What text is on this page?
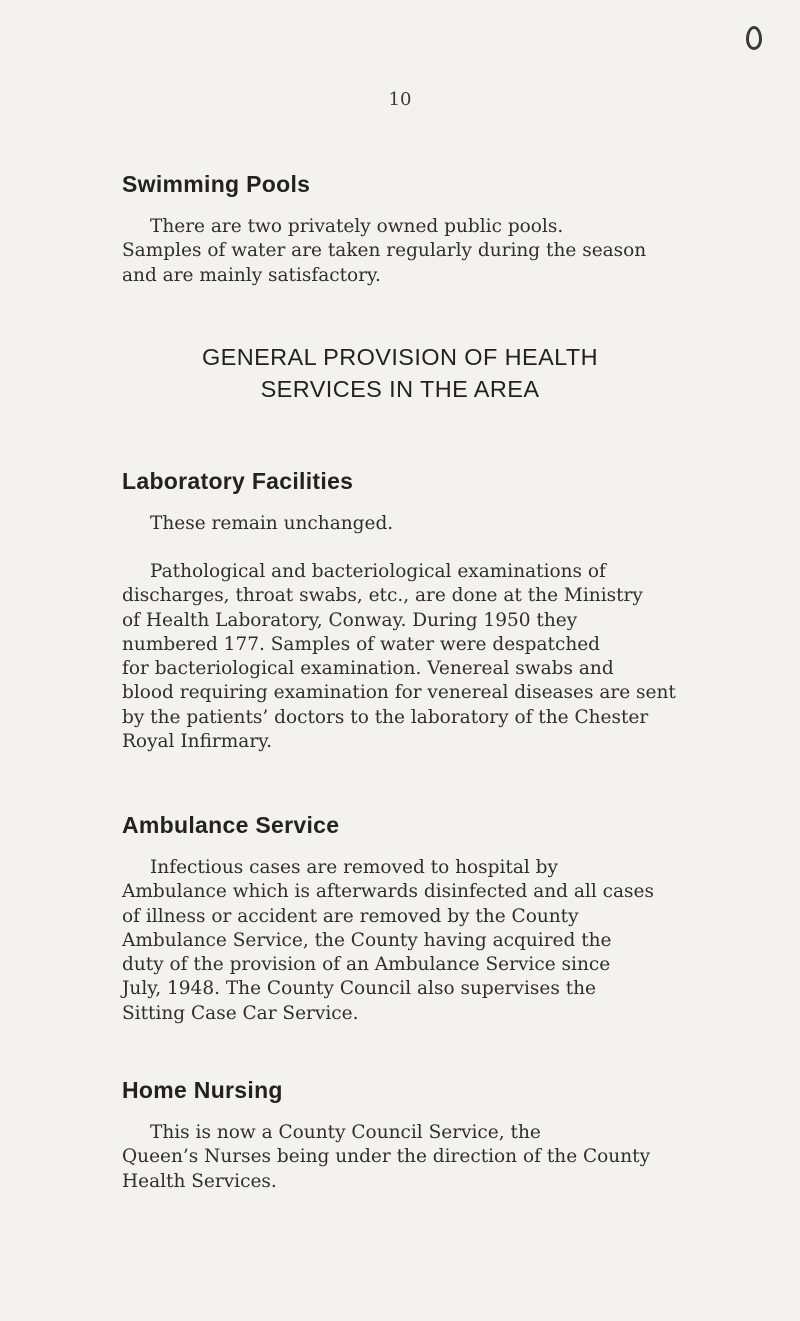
10
Swimming Pools
There are two privately owned public pools.
Samples of water are taken regularly during the season
and are mainly satisfactory.
GENERAL PROVISION OF HEALTH
SERVICES IN THE AREA
Laboratory Facilities
These remain unchanged.
Pathological and bacteriological examinations of
discharges, throat swabs, etc., are done at the Ministry
of Health Laboratory, Conway. During 1950 they
numbered 177. Samples of water were despatched
for bacteriological examination. Venereal swabs and
blood requiring examination for venereal diseases are sent
by the patients’ doctors to the laboratory of the Chester
Royal Infirmary.
Ambulance Service
Infectious cases are removed to hospital by
Ambulance which is afterwards disinfected and all cases
of illness or accident are removed by the County
Ambulance Service, the County having acquired the
duty of the provision of an Ambulance Service since
July, 1948. The County Council also supervises the
Sitting Case Car Service.
Home Nursing
This is now a County Council Service, the
Queen’s Nurses being under the direction of the County
Health Services.
